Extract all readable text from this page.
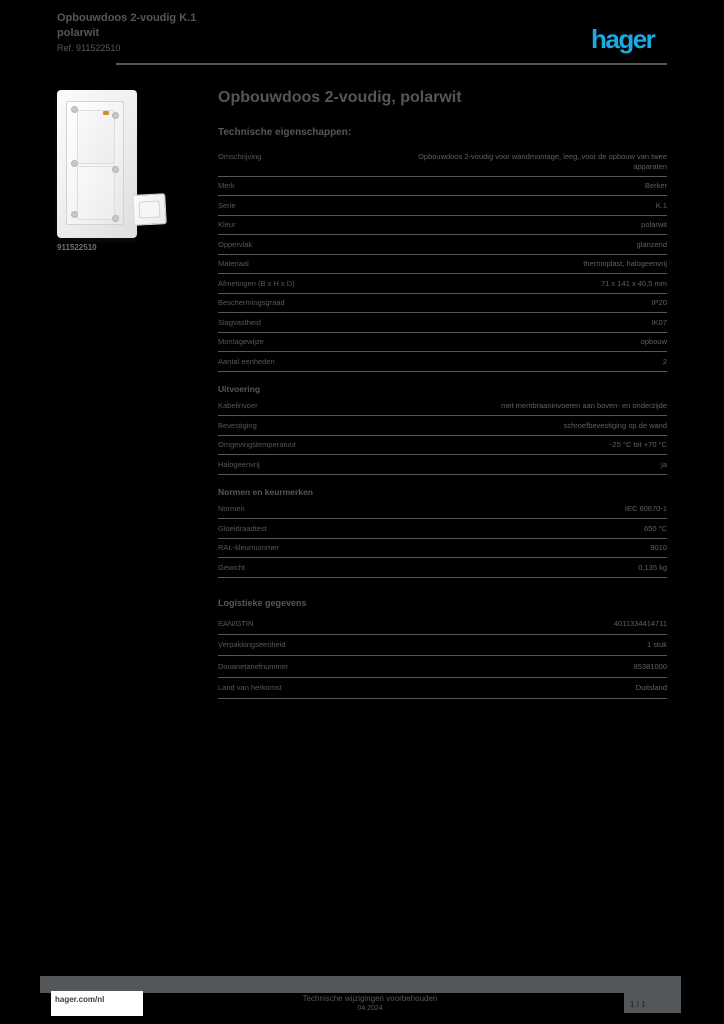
Opbouwdoos 2-voudig K.1
polarwit
Ref. 911522510	hager
911522510
Opbouwdoos 2-voudig, polarwit
Technische eigenschappen:
Omschrijving	Opbouwdoos 2-voudig voor wandmontage, leeg, voor de opbouw van twee apparaten
Merk	Berker
Serie	K.1
Kleur	polarwit
Oppervlak	glanzend
Materiaal	thermoplast, halogeenvrij
Afmetingen (B x H x D)	71 x 141 x 40,5 mm
Beschermingsgraad	IP20
Slagvastheid	IK07
Montagewijze	opbouw
Aantal eenheden	2
Uitvoering
Kabelinvoer	met membraaninvoeren aan boven- en onderzijde
Bevestiging	schroefbevestiging op de wand
Omgevingstemperatuur	-25 °C tot +70 °C
Halogeenvrij	ja
Normen en keurmerken
Normen	IEC 60670-1
Gloeidraadtest	650 °C
RAL-kleurnummer	9010
Gewicht	0,135 kg
Logistieke gegevens
EAN/GTIN	4011334414711
Verpakkingseenheid	1 stuk
Douanetariefnummer	85381000
Land van herkomst	Duitsland
hager.com/nl	Technische wijzigingen voorbehouden
04.2024	1 / 1
